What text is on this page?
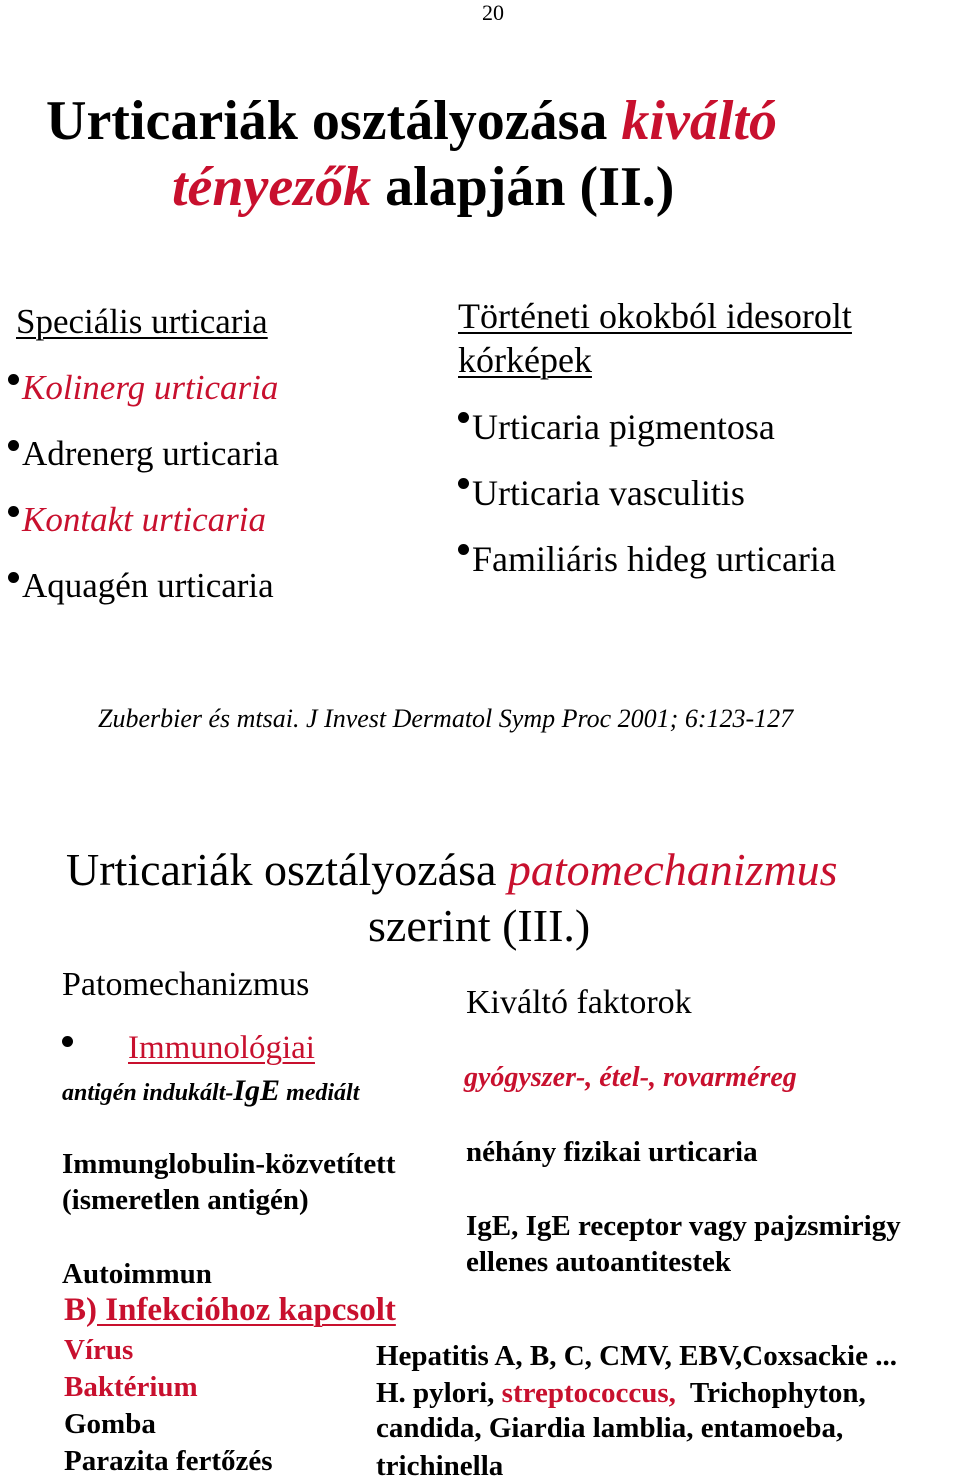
20
Urticariák osztályozása kiváltó
tényezők alapján (II.)
Speciális urticaria
Kolinerg urticaria
Adrenerg urticaria
Kontakt urticaria
Aquagén urticaria
Történeti okokból idesorolt kórképek
Urticaria pigmentosa
Urticaria vasculitis
Familiáris hideg urticaria
Zuberbier és mtsai. J Invest Dermatol Symp Proc 2001; 6:123-127
Urticariák osztályozása patomechanizmus
szerint (III.)
Patomechanizmus	Kiváltó faktorok
Immunológiai
antigén indukált-IgE mediált	gyógyszer-, étel-, rovarméreg
Immunglobulin-közvetített
(ismeretlen antigén)
néhány fizikai urticaria
IgE, IgE receptor vagy pajzsmirigy
ellenes autoantitestek
Autoimmun
B) Infekcióhoz kapcsolt
Vírus
Baktérium
Gomba
Parazita fertőzés
Hepatitis A, B, C, CMV, EBV,Coxsackie ...
H. pylori, streptococcus,  Trichophyton,
candida, Giardia lamblia, entamoeba,
trichinella
